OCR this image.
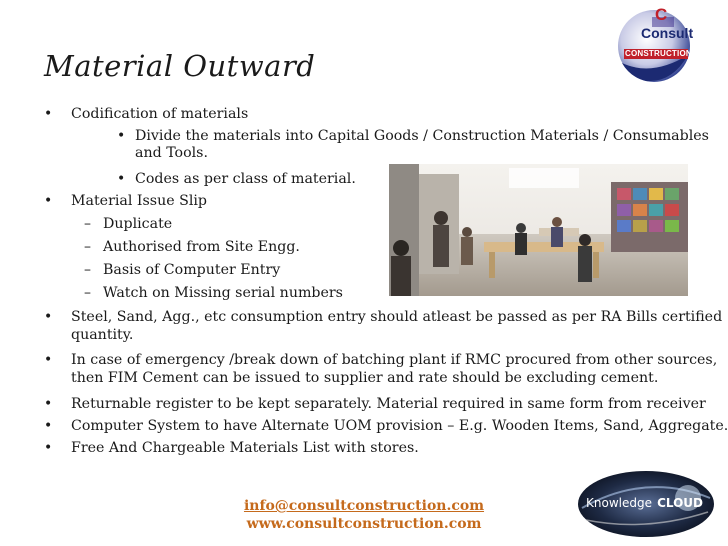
C
Consult
CONSTRUCTION
Material Outward
• Codification of materials
• Divide the materials into Capital Goods / Construction Materials / Consumables
and Tools.
• Codes as per class of material.
• Material Issue Slip
– Duplicate
– Authorised from Site Engg.
– Basis of Computer Entry
– Watch on Missing serial numbers
• Steel, Sand, Agg., etc consumption entry should atleast be passed as per RA Bills certified
quantity.
• In case of emergency /break down of batching plant if RMC procured from other sources,
then FIM Cement can be issued to supplier and rate should be excluding cement.
• Returnable register to be kept separately. Material required in same form from receiver
• Computer System to have Alternate UOM provision – E.g. Wooden Items, Sand, Aggregate.
• Free And Chargeable Materials List with stores.
info@consultconstruction.com
www.consultconstruction.com
Knowledge CLOUD
